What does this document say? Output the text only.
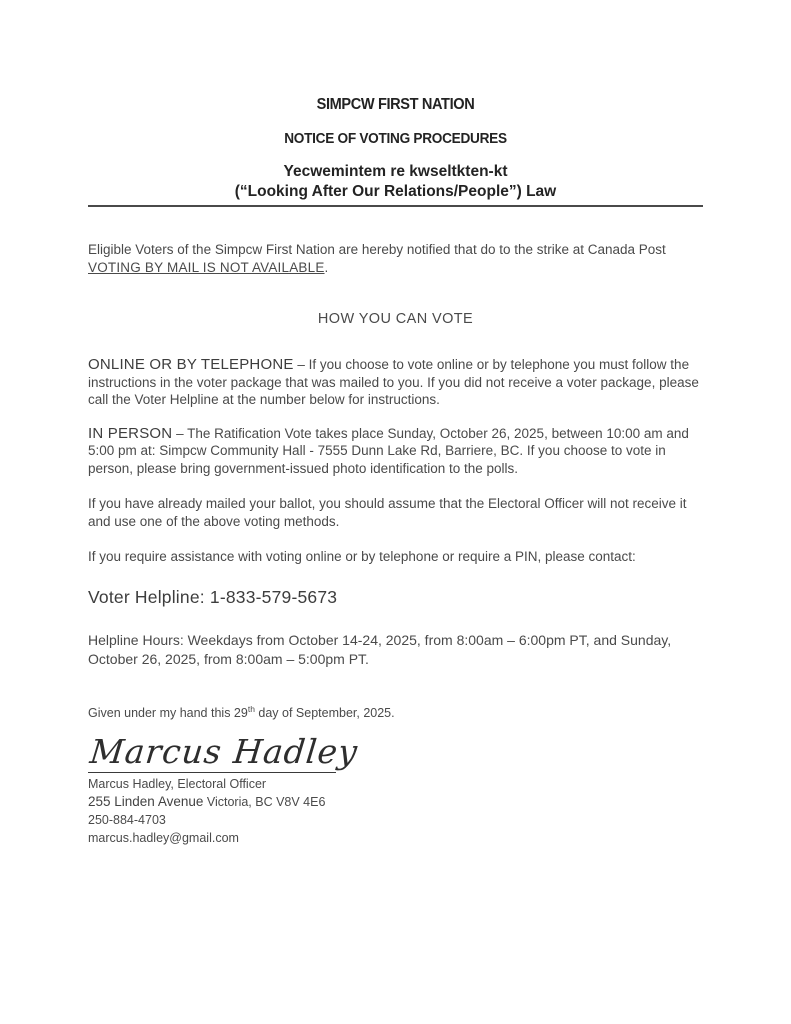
SIMPCW FIRST NATION
NOTICE OF VOTING PROCEDURES
Yecwemintem re kwseltkten-kt
(“Looking After Our Relations/People”) Law

Eligible Voters of the Simpcw First Nation are hereby notified that do to the strike at Canada Post VOTING BY MAIL IS NOT AVAILABLE.

HOW YOU CAN VOTE

ONLINE OR BY TELEPHONE – If you choose to vote online or by telephone you must follow the instructions in the voter package that was mailed to you. If you did not receive a voter package, please call the Voter Helpline at the number below for instructions.

IN PERSON – The Ratification Vote takes place Sunday, October 26, 2025, between 10:00 am and 5:00 pm at: Simpcw Community Hall - 7555 Dunn Lake Rd, Barriere, BC. If you choose to vote in person, please bring government-issued photo identification to the polls.

If you have already mailed your ballot, you should assume that the Electoral Officer will not receive it and use one of the above voting methods.

If you require assistance with voting online or by telephone or require a PIN, please contact:

Voter Helpline: 1-833-579-5673

Helpline Hours: Weekdays from October 14-24, 2025, from 8:00am – 6:00pm PT, and Sunday, October 26, 2025, from 8:00am – 5:00pm PT.

Given under my hand this 29th day of September, 2025.

Marcus Hadley
Marcus Hadley, Electoral Officer
255 Linden Avenue Victoria, BC V8V 4E6
250-884-4703
marcus.hadley@gmail.com
